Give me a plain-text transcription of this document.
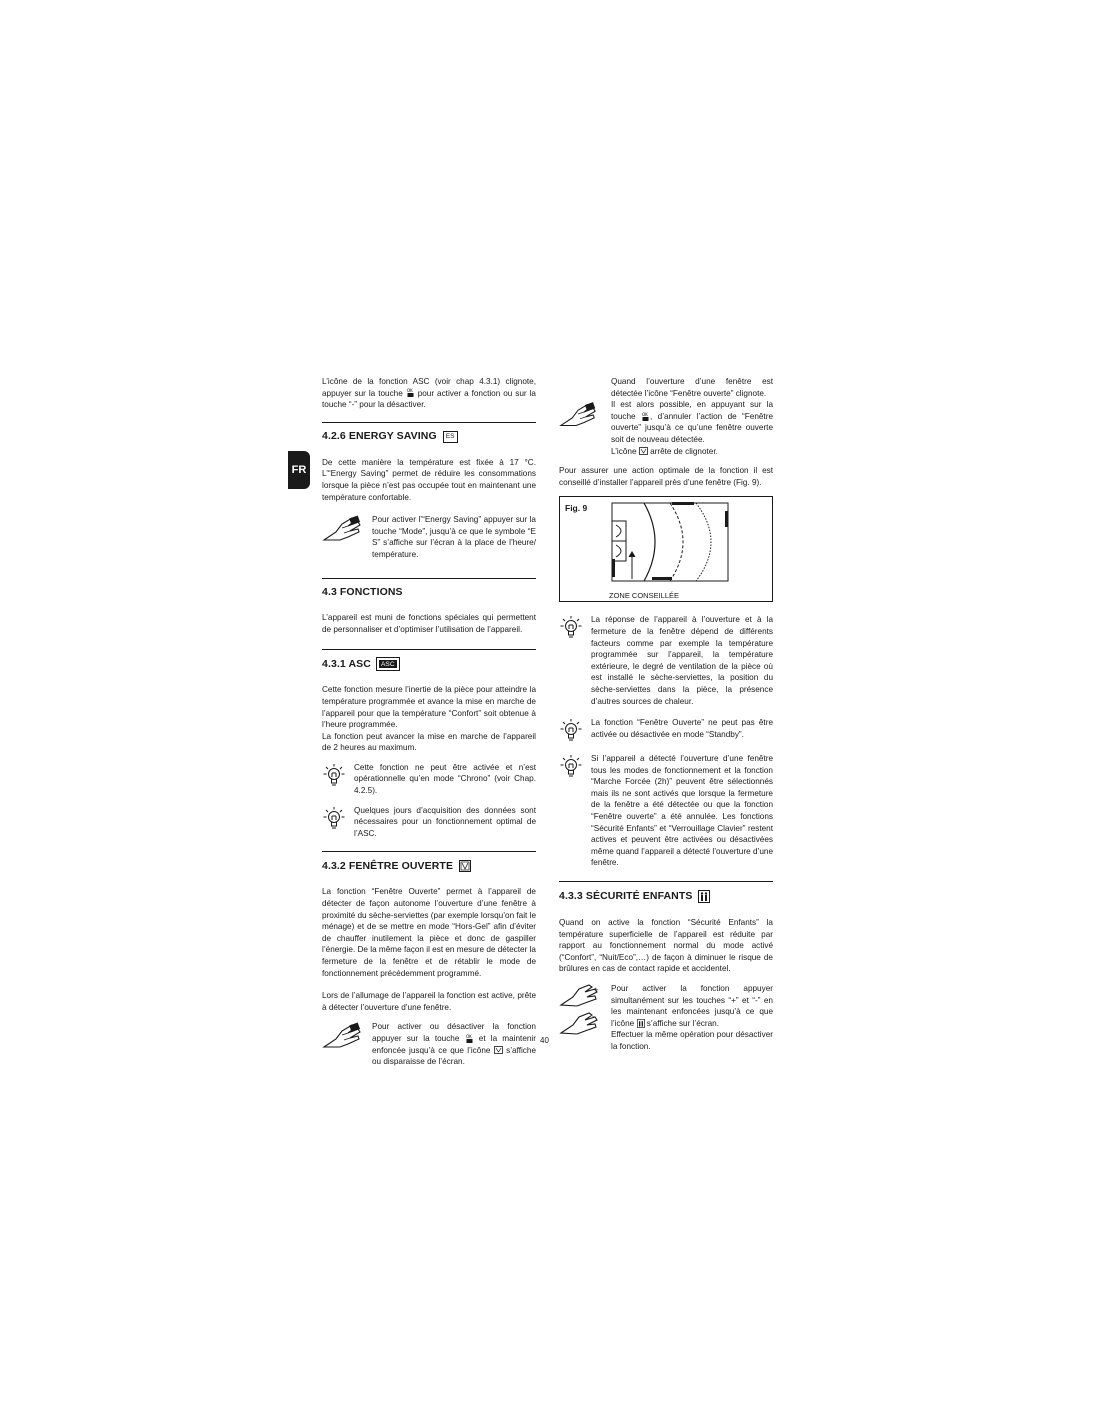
FR

L’icône de la fonction ASC (voir chap 4.3.1) clignote, appuyer sur la touche OK pour activer a fonction ou sur la touche “-” pour la désactiver.

4.2.6 ENERGY SAVING	ES

De cette manière la température est fixée à 17 °C. L’“Energy Saving” permet de réduire les consommations lorsque la pièce n’est pas occupée tout en maintenant une température confortable.

Pour activer l’“Energy Saving” appuyer sur la touche “Mode”, jusqu’à ce que le symbole “E S” s’affiche sur l’écran à la place de l’heure/ température.

4.3 FONCTIONS

L’appareil est muni de fonctions spéciales qui permettent de personnaliser et d’optimiser l’utilisation de l’appareil.

4.3.1 ASC	ASC

Cette fonction mesure l’inertie de la pièce pour atteindre la température programmée et avance la mise en marche de l’appareil pour que la température “Confort” soit obtenue à l’heure programmée.

La fonction peut avancer la mise en marche de l’appareil de 2 heures au maximum.

Cette fonction ne peut être activée et n’est opérationnelle qu’en mode “Chrono” (voir Chap. 4.2.5).

Quelques jours d’acquisition des données sont nécessaires pour un fonctionnement optimal de l’ASC.

4.3.2 FENÊTRE OUVERTE

La fonction “Fenêtre Ouverte” permet à l’appareil de détecter de façon autonome l’ouverture d’une fenêtre à proximité du sèche-serviettes (par exemple lorsqu’on fait le ménage) et de se mettre en mode “Hors-Gel” afin d’éviter de chauffer inutilement la pièce et donc de gaspiller l’énergie. De la même façon il est en mesure de détecter la fermeture de la fenêtre et de rétablir le mode de fonctionnement précédemment programmé.

Lors de l’allumage de l’appareil la fonction est active, prête à détecter l’ouverture d’une fenêtre.

Pour activer ou désactiver la fonction appuyer sur la touche OK et la maintenir enfoncée jusqu’à ce que l’icône s’affiche ou disparaisse de l’écran.

Quand l’ouverture d’une fenêtre est détectée l’icône “Fenêtre ouverte” clignote.

Il est alors possible, en appuyant sur la touche OK , d’annuler l’action de “Fenêtre ouverte” jusqu’à ce qu’une fenêtre ouverte soit de nouveau détectée.

L’icône arrête de clignoter.

Pour assurer une action optimale de la fonction il est conseillé d’installer l’appareil près d’une fenêtre (Fig. 9).

Fig. 9
ZONE CONSEILLÉE

La réponse de l’appareil à l’ouverture et à la fermeture de la fenêtre dépend de différents facteurs comme par exemple la température programmée sur l’appareil, la température extérieure, le degré de ventilation de la pièce où est installé le sèche-serviettes, la position du sèche-serviettes dans la pièce, la présence d’autres sources de chaleur.

La fonction “Fenêtre Ouverte” ne peut pas être activée ou désactivée en mode “Standby”.

Si l’appareil a détecté l’ouverture d’une fenêtre tous les modes de fonctionnement et la fonction “Marche Forcée (2h)” peuvent être sélectionnés mais ils ne sont activés que lorsque la fermeture de la fenêtre a été détectée ou que la fonction “Fenêtre ouverte” a été annulée. Les fonctions “Sécurité Enfants” et “Verrouillage Clavier” restent actives et peuvent être activées ou désactivées même quand l’appareil a détecté l’ouverture d’une fenêtre.

4.3.3 SÉCURITÉ ENFANTS

Quand on active la fonction “Sécurité Enfants” la température superficielle de l’appareil est réduite par rapport au fonctionnement normal du mode activé (“Confort”, “Nuit/Eco”,…) de façon à diminuer le risque de brûlures en cas de contact rapide et accidentel.

+
-

Pour activer la fonction appuyer simultanément sur les touches “+” et “-” en les maintenant enfoncées jusqu’à ce que l’icône s’affiche sur l’écran.

Effectuer la même opération pour désactiver la fonction.

40
